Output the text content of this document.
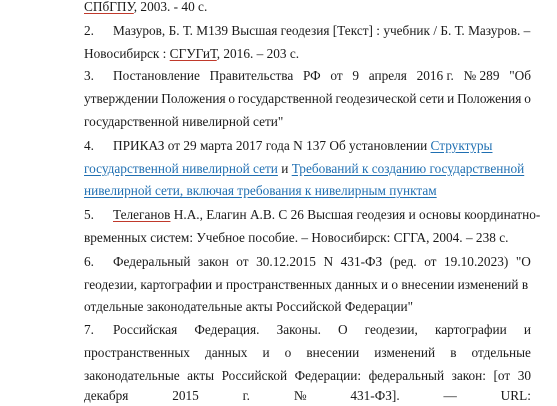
СПбГПУ, 2003. - 40 с.
2. Мазуров, Б. Т. М139 Высшая геодезия [Текст] : учебник / Б. Т. Мазуров. –
Новосибирск : СГУГиТ, 2016. – 203 с.
3. Постановление Правительства РФ от 9 апреля 2016 г. № 289 "Об
утверждении Положения о государственной геодезической сети и Положения о
государственной нивелирной сети"
4. ПРИКАЗ от 29 марта 2017 года N 137 Об установлении Структуры
государственной нивелирной сети и Требований к созданию государственной
нивелирной сети, включая требования к нивелирным пунктам
5. Телеганов Н.А., Елагин А.В. С 26 Высшая геодезия и основы координатно-
временных систем: Учебное пособие. – Новосибирск: СГГА, 2004. – 238 с.
6. Федеральный закон от 30.12.2015 N 431-ФЗ (ред. от 19.10.2023) "О
геодезии, картографии и пространственных данных и о внесении изменений в
отдельные законодательные акты Российской Федерации"
7. Российская Федерация. Законы. О геодезии, картографии и
пространственных данных и о внесении изменений в отдельные
законодательные акты Российской Федерации: федеральный закон: [от 30
декабря	2015	г.	№	431-ФЗ].	—	URL:
